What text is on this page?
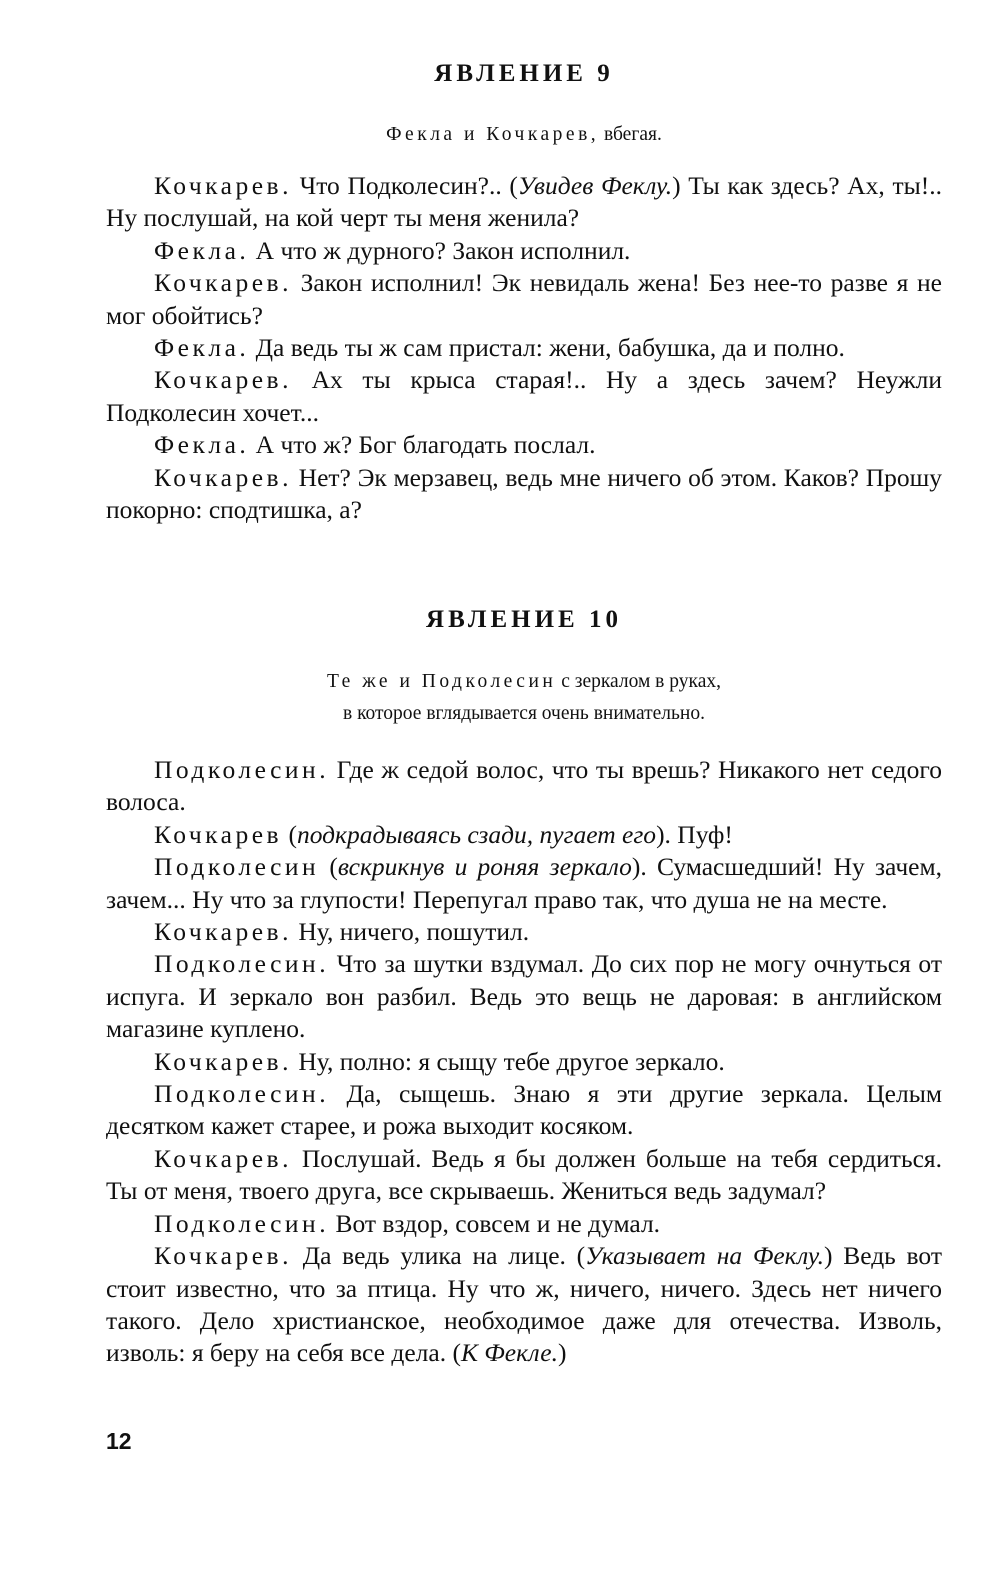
ЯВЛЕНИЕ 9

Фекла и Кочкарев, вбегая.

Кочкарев. Что Подколесин?.. (Увидев Феклу.) Ты как здесь? Ах, ты!.. Ну послушай, на кой черт ты меня женила?

Фекла. А что ж дурного? Закон исполнил.

Кочкарев. Закон исполнил! Эк невидаль жена! Без нее-то разве я не мог обойтись?

Фекла. Да ведь ты ж сам пристал: жени, бабушка, да и полно.

Кочкарев. Ах ты крыса старая!.. Ну а здесь зачем? Неужли Подколесин хочет...

Фекла. А что ж? Бог благодать послал.

Кочкарев. Нет? Эк мерзавец, ведь мне ничего об этом. Каков? Прошу покорно: сподтишка, а?

ЯВЛЕНИЕ 10

Те же и Подколесин с зеркалом в руках,
в которое вглядывается очень внимательно.

Подколесин. Где ж седой волос, что ты врешь? Никакого нет седого волоса.

Кочкарев (подкрадываясь сзади, пугает его). Пуф!

Подколесин (вскрикнув и роняя зеркало). Сумасшедший! Ну зачем, зачем... Ну что за глупости! Перепугал право так, что душа не на месте.

Кочкарев. Ну, ничего, пошутил.

Подколесин. Что за шутки вздумал. До сих пор не могу очнуться от испуга. И зеркало вон разбил. Ведь это вещь не даровая: в английском магазине куплено.

Кочкарев. Ну, полно: я сыщу тебе другое зеркало.

Подколесин. Да, сыщешь. Знаю я эти другие зеркала. Целым десятком кажет старее, и рожа выходит косяком.

Кочкарев. Послушай. Ведь я бы должен больше на тебя сердиться. Ты от меня, твоего друга, все скрываешь. Жениться ведь задумал?

Подколесин. Вот вздор, совсем и не думал.

Кочкарев. Да ведь улика на лице. (Указывает на Феклу.) Ведь вот стоит известно, что за птица. Ну что ж, ничего, ничего. Здесь нет ничего такого. Дело христианское, необходимое даже для отечества. Изволь, изволь: я беру на себя все дела. (К Фекле.)

12
